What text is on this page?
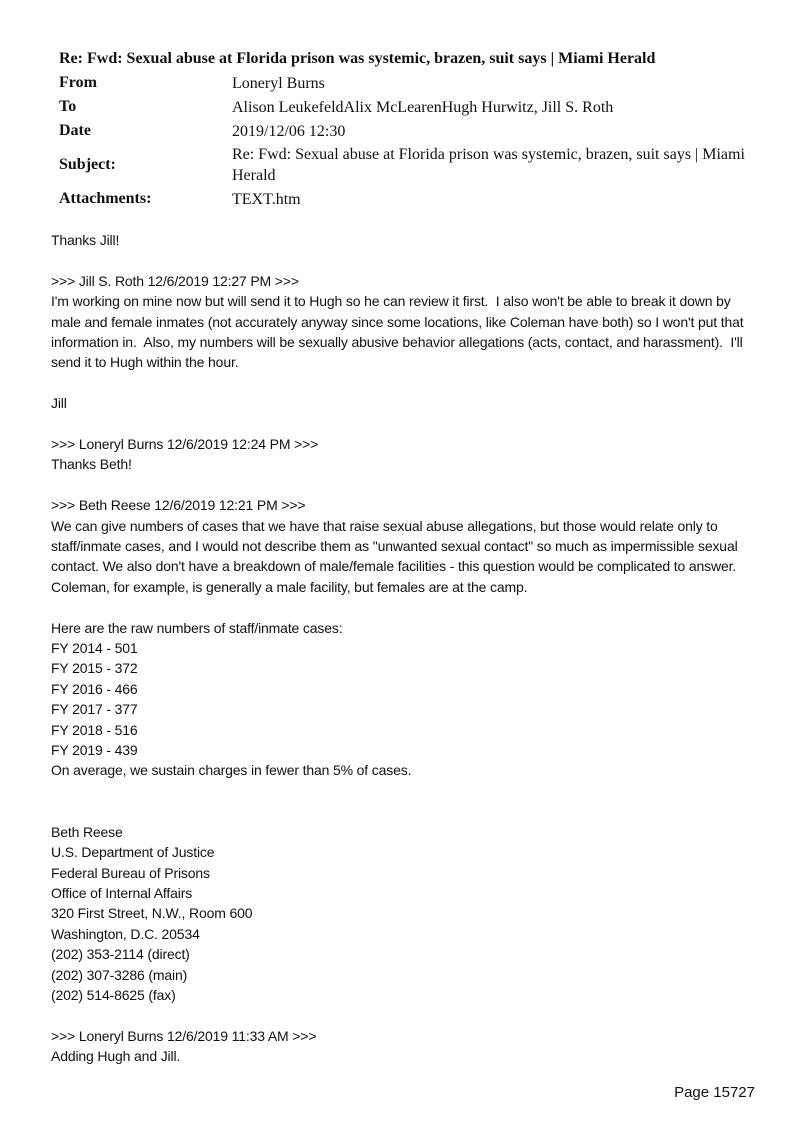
Re: Fwd: Sexual abuse at Florida prison was systemic, brazen, suit says | Miami Herald
From	Loneryl Burns
To	Alison LeukefeldAlix McLearenHugh Hurwitz, Jill S. Roth
Date	2019/12/06 12:30
Subject:	Re: Fwd: Sexual abuse at Florida prison was systemic, brazen, suit says | Miami Herald
Attachments:	TEXT.htm

Thanks Jill!

>>> Jill S. Roth 12/6/2019 12:27 PM >>>

I'm working on mine now but will send it to Hugh so he can review it first.  I also won't be able to break it down by male and female inmates (not accurately anyway since some locations, like Coleman have both) so I won't put that information in.  Also, my numbers will be sexually abusive behavior allegations (acts, contact, and harassment).  I'll send it to Hugh within the hour.

Jill

>>> Loneryl Burns 12/6/2019 12:24 PM >>>

Thanks Beth!

>>> Beth Reese 12/6/2019 12:21 PM >>>

We can give numbers of cases that we have that raise sexual abuse allegations, but those would relate only to staff/inmate cases, and I would not describe them as "unwanted sexual contact" so much as impermissible sexual contact. We also don't have a breakdown of male/female facilities - this question would be complicated to answer. Coleman, for example, is generally a male facility, but females are at the camp.

Here are the raw numbers of staff/inmate cases:

FY 2014 - 501

FY 2015 - 372

FY 2016 - 466

FY 2017 - 377

FY 2018 - 516

FY 2019 - 439

On average, we sustain charges in fewer than 5% of cases.

Beth Reese

U.S. Department of Justice

Federal Bureau of Prisons

Office of Internal Affairs

320 First Street, N.W., Room 600

Washington, D.C. 20534

(202) 353-2114 (direct)

(202) 307-3286 (main)

(202) 514-8625 (fax)

>>> Loneryl Burns 12/6/2019 11:33 AM >>>

Adding Hugh and Jill.

Page 15727
